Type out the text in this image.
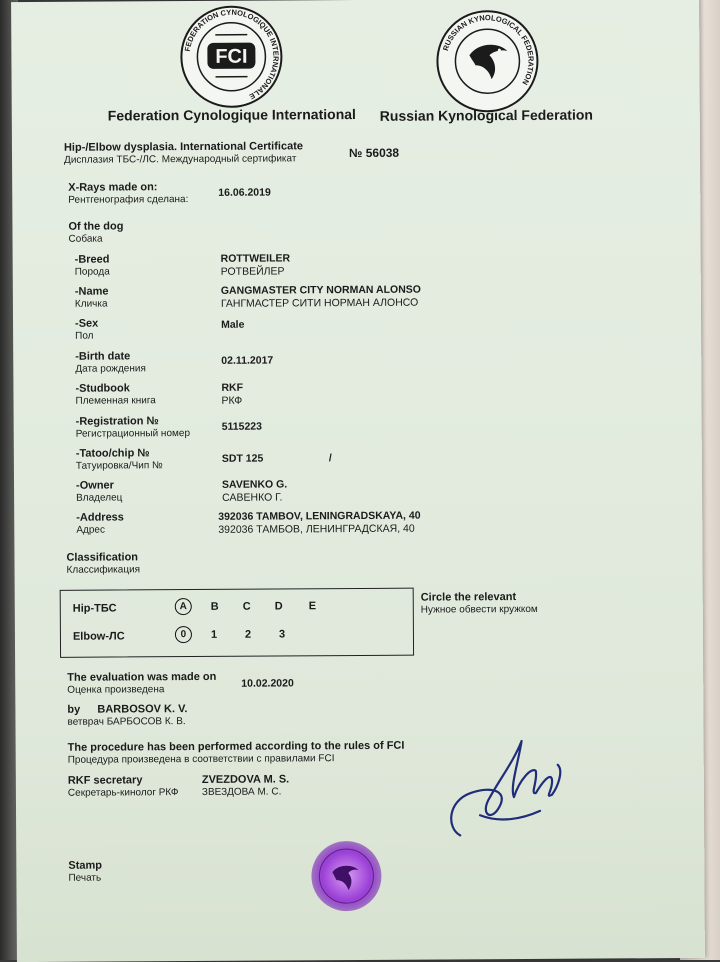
FEDERATION CYNOLOGIQUE INTERNATIONALE
FCI	RUSSIAN KYNOLOGICAL FEDERATION
Federation Cynologique International Russian Kynological Federation
Hip-/Elbow dysplasia. International Certificate
Дисплазия ТБС-/ЛС. Международный сертификат	№ 56038
X-Rays made on:
Рентгенография сделана:
16.06.2019
Of the dog
Собака
-Breed
Порода
ROTTWEILER
РОТВЕЙЛЕР
-Name
Кличка
GANGMASTER CITY NORMAN ALONSO
ГАНГМАСТЕР СИТИ НОРМАН АЛОНСО
-Sex
Пол
Male
-Birth date
Дата рождения
02.11.2017
-Studbook
Племенная книга
RKF
РКФ
-Registration №
Регистрационный номер
5115223
-Tatoo/chip №
Татуировка/Чип №
SDT 125	/
-Owner
Владелец
SAVENKO G.
САВЕНКО Г.
-Address
Адрес
392036 TAMBOV, LENINGRADSKAYA, 40
392036 ТАМБОВ, ЛЕНИНГРАДСКАЯ, 40
Classification
Классификация
Hip-ТБС	A	B C D E
Elbow-ЛС	0	1	2	3
Circle the relevant
Нужное обвести кружком
The evaluation was made on
Оценка произведена
10.02.2020
by BARBOSOV K. V.
ветврач БАРБОСОВ К. В.
The procedure has been performed according to the rules of FCI
Процедура произведена в соответствии с правилами FCI
RKF secretary
Секретарь-кинолог РКФ
ZVEZDOVA M. S.
ЗВЕЗДОВА М. С.
Stamp
Печать
